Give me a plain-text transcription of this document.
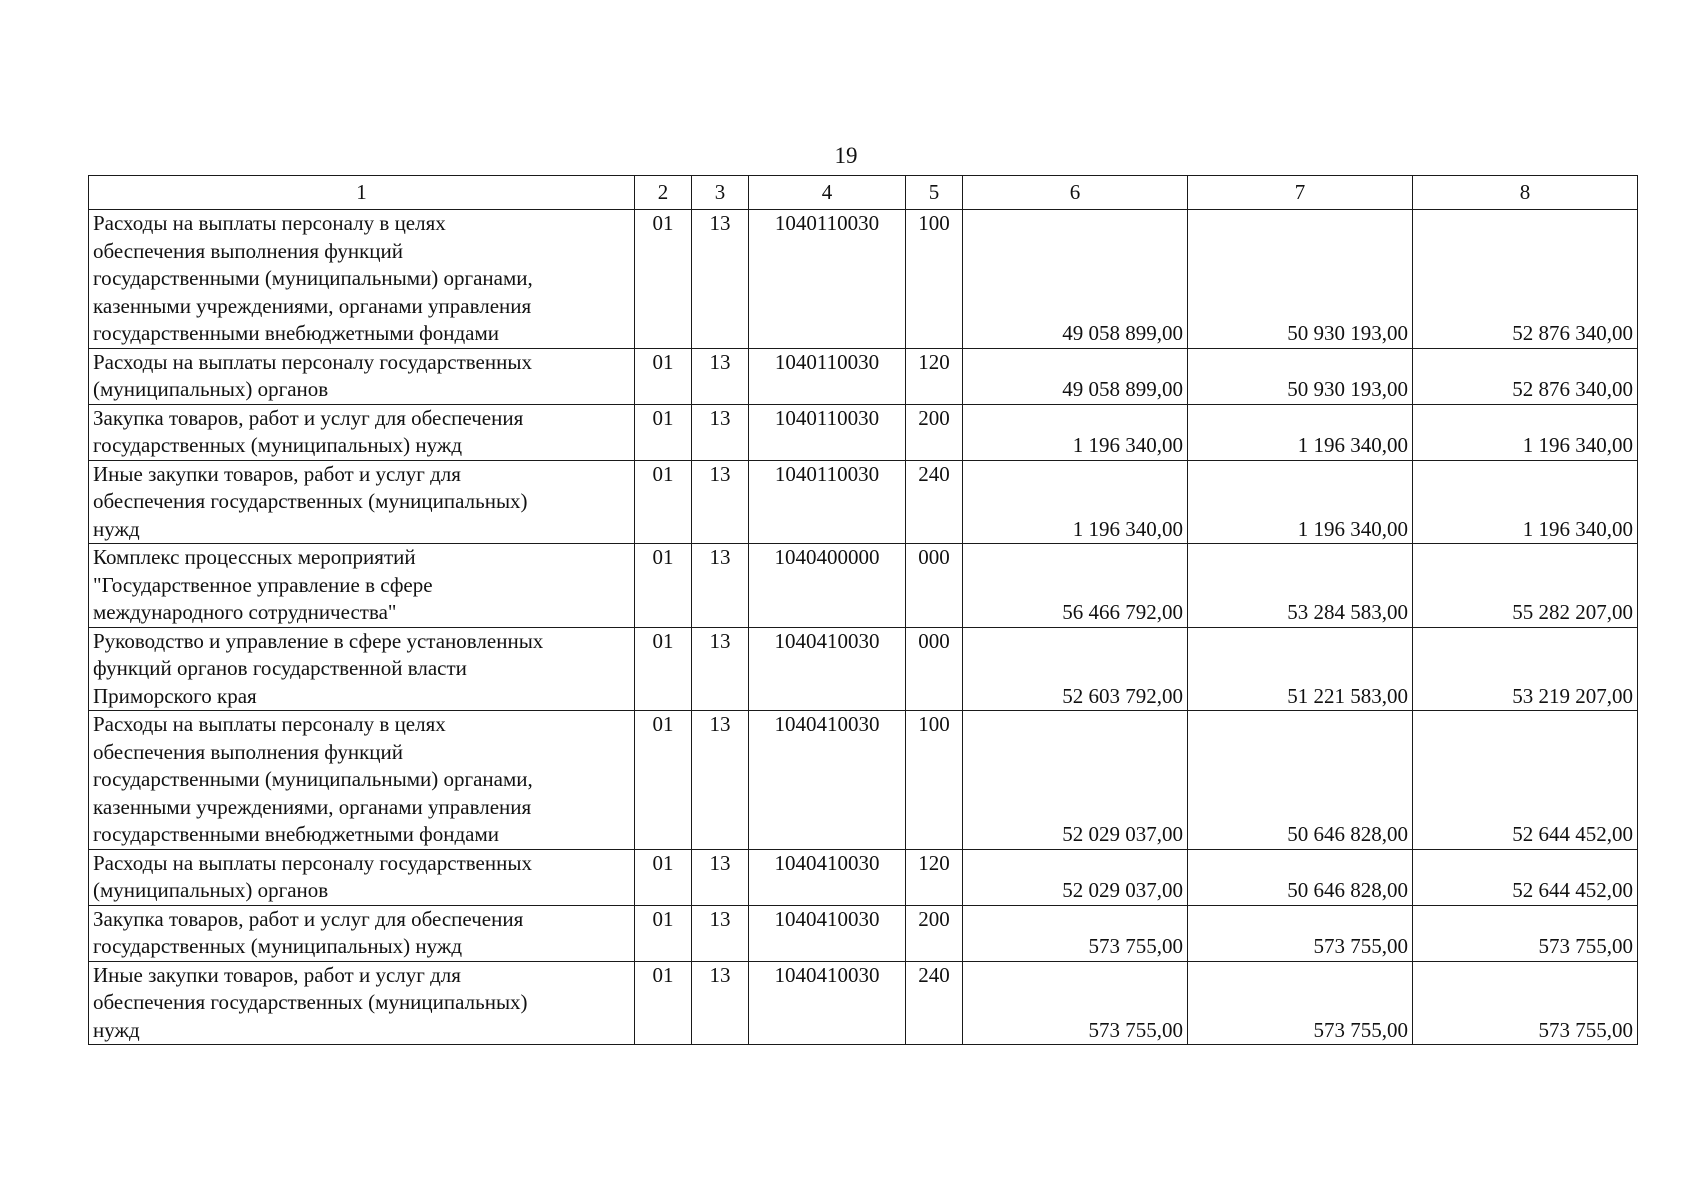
19
1	2	3	4	5	6	7	8

Расходы на выплаты персоналу в целях
обеспечения выполнения функций
государственными (муниципальными) органами,
казенными учреждениями, органами управления
государственными внебюджетными фондами	01	13	1040110030	100	49 058 899,00	50 930 193,00	52 876 340,00

Расходы на выплаты персоналу государственных
(муниципальных) органов	01	13	1040110030	120	49 058 899,00	50 930 193,00	52 876 340,00

Закупка товаров, работ и услуг для обеспечения
государственных (муниципальных) нужд	01	13	1040110030	200	1 196 340,00	1 196 340,00	1 196 340,00

Иные закупки товаров, работ и услуг для
обеспечения государственных (муниципальных)
нужд	01	13	1040110030	240	1 196 340,00	1 196 340,00	1 196 340,00

Комплекс процессных мероприятий
"Государственное управление в сфере
международного сотрудничества"	01	13	1040400000	000	56 466 792,00	53 284 583,00	55 282 207,00

Руководство и управление в сфере установленных
функций органов государственной власти
Приморского края	01	13	1040410030	000	52 603 792,00	51 221 583,00	53 219 207,00

Расходы на выплаты персоналу в целях
обеспечения выполнения функций
государственными (муниципальными) органами,
казенными учреждениями, органами управления
государственными внебюджетными фондами	01	13	1040410030	100	52 029 037,00	50 646 828,00	52 644 452,00

Расходы на выплаты персоналу государственных
(муниципальных) органов	01	13	1040410030	120	52 029 037,00	50 646 828,00	52 644 452,00

Закупка товаров, работ и услуг для обеспечения
государственных (муниципальных) нужд	01	13	1040410030	200	573 755,00	573 755,00	573 755,00

Иные закупки товаров, работ и услуг для
обеспечения государственных (муниципальных)
нужд	01	13	1040410030	240	573 755,00	573 755,00	573 755,00
